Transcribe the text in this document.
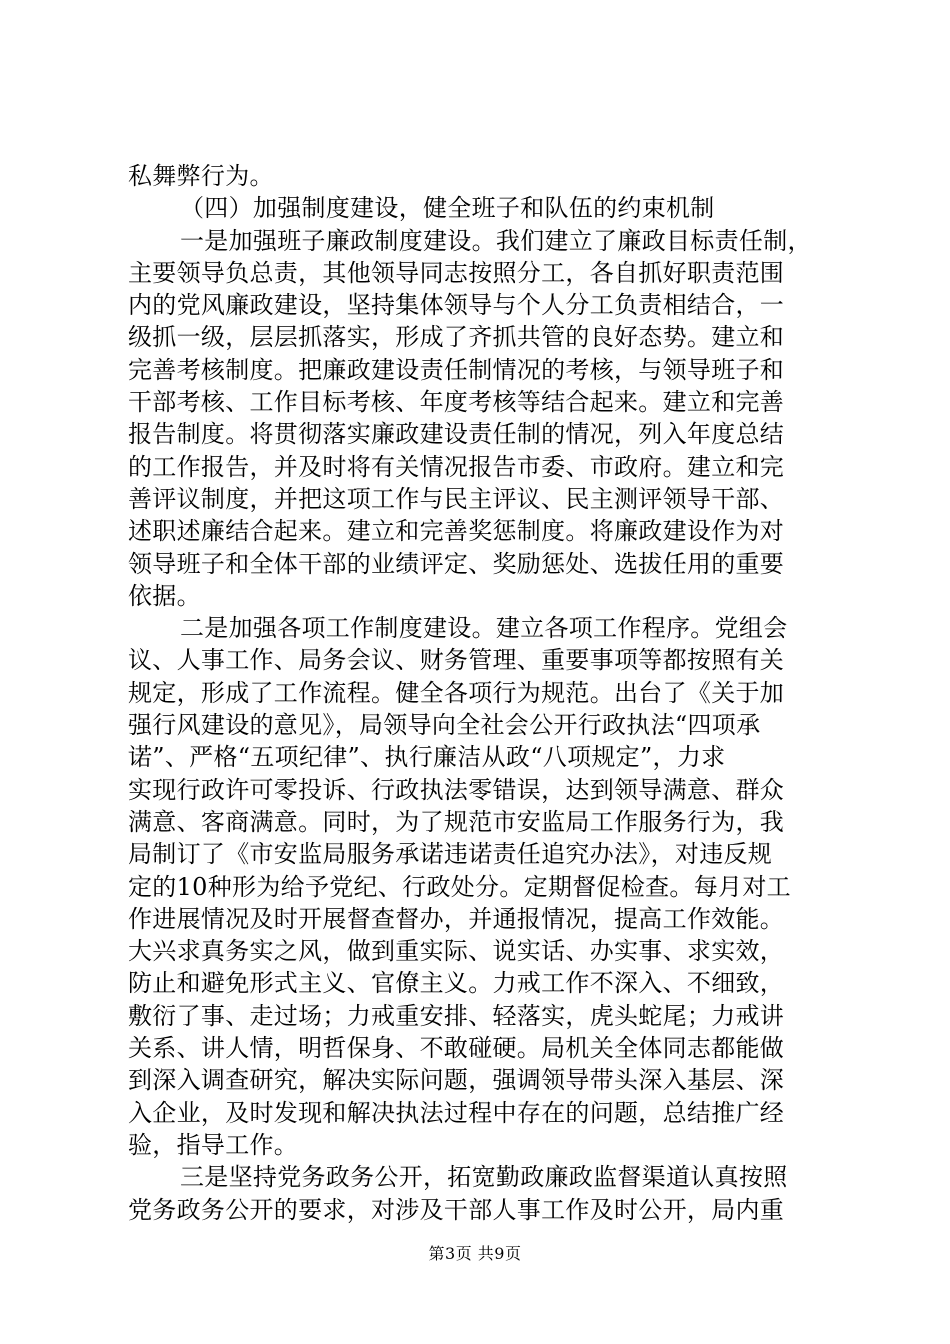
私舞弊行为。
（四）加强制度建设，健全班子和队伍的约束机制
一是加强班子廉政制度建设。我们建立了廉政目标责任制，
主要领导负总责，其他领导同志按照分工，各自抓好职责范围
内的党风廉政建设，坚持集体领导与个人分工负责相结合，一
级抓一级，层层抓落实，形成了齐抓共管的良好态势。建立和
完善考核制度。把廉政建设责任制情况的考核，与领导班子和
干部考核、工作目标考核、年度考核等结合起来。建立和完善
报告制度。将贯彻落实廉政建设责任制的情况，列入年度总结
的工作报告，并及时将有关情况报告市委、市政府。建立和完
善评议制度，并把这项工作与民主评议、民主测评领导干部、
述职述廉结合起来。建立和完善奖惩制度。将廉政建设作为对
领导班子和全体干部的业绩评定、奖励惩处、选拔任用的重要
依据。
二是加强各项工作制度建设。建立各项工作程序。党组会
议、人事工作、局务会议、财务管理、重要事项等都按照有关
规定，形成了工作流程。健全各项行为规范。出台了《关于加
强行风建设的意见》，局领导向全社会公开行政执法“四项承
诺”、严格“五项纪律”、执行廉洁从政“八项规定”，力求
实现行政许可零投诉、行政执法零错误，达到领导满意、群众
满意、客商满意。同时，为了规范市安监局工作服务行为，我
局制订了《市安监局服务承诺违诺责任追究办法》，对违反规
定的10种形为给予党纪、行政处分。定期督促检查。每月对工
作进展情况及时开展督查督办，并通报情况，提高工作效能。
大兴求真务实之风，做到重实际、说实话、办实事、求实效，
防止和避免形式主义、官僚主义。力戒工作不深入、不细致，
敷衍了事、走过场；力戒重安排、轻落实，虎头蛇尾；力戒讲
关系、讲人情，明哲保身、不敢碰硬。局机关全体同志都能做
到深入调查研究，解决实际问题，强调领导带头深入基层、深
入企业，及时发现和解决执法过程中存在的问题，总结推广经
验，指导工作。
三是坚持党务政务公开，拓宽勤政廉政监督渠道认真按照
党务政务公开的要求，对涉及干部人事工作及时公开，局内重
第3页 共9页
